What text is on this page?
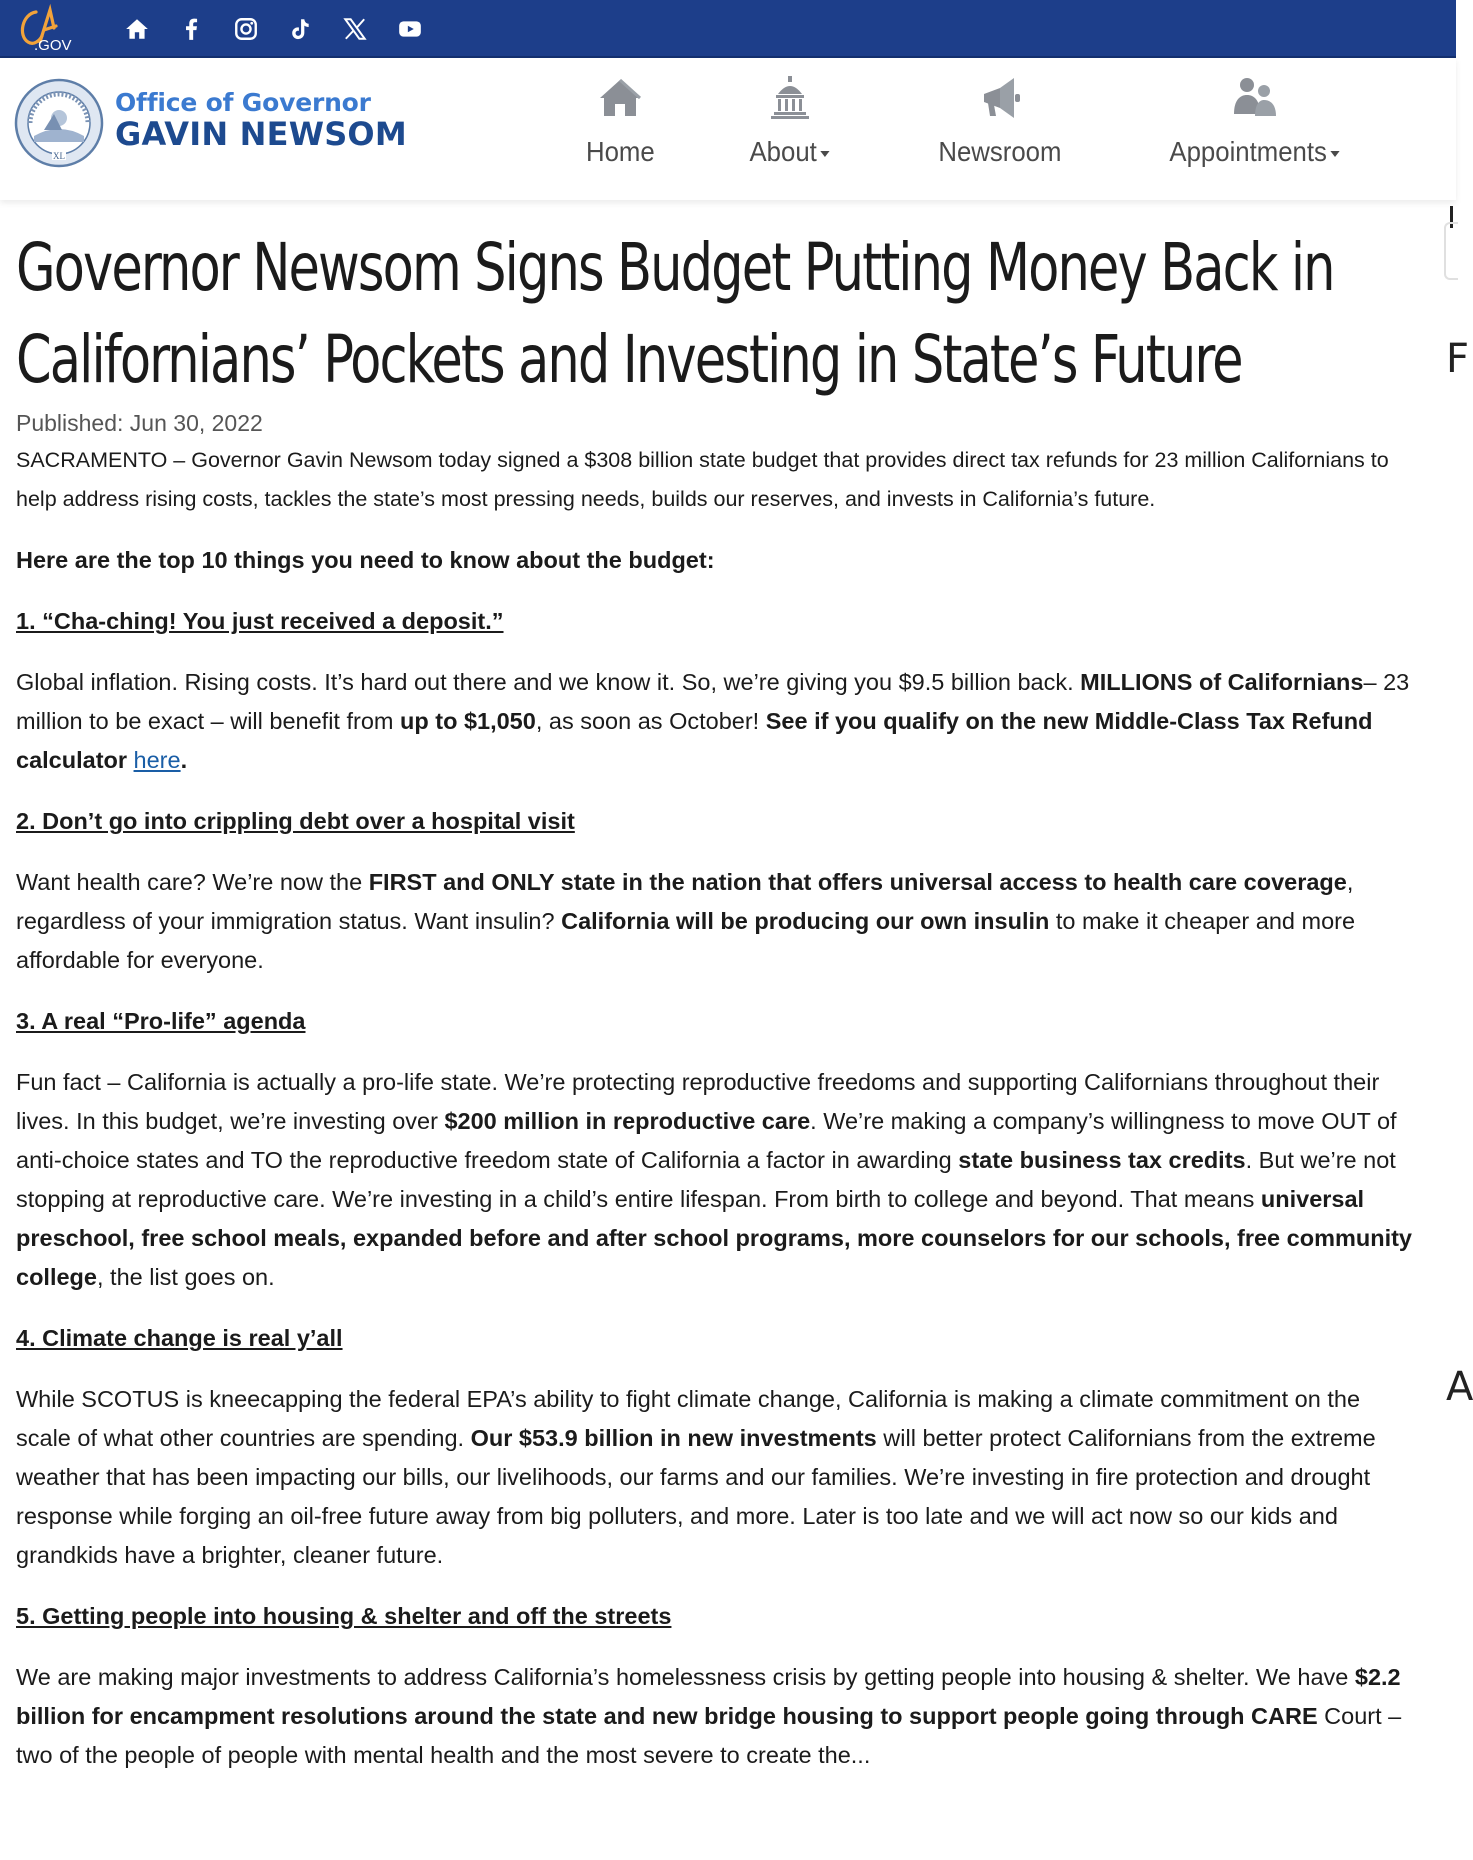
.GOV
XL
Office of Governor
GAVIN NEWSOM	Home	About	Newsroom	Appointments
F
A
Governor Newsom Signs Budget Putting Money Back in Californians’ Pockets and Investing in State’s Future
Published: Jun 30, 2022

SACRAMENTO – Governor Gavin Newsom today signed a $308 billion state budget that provides direct tax refunds for 23 million Californians to help address rising costs, tackles the state’s most pressing needs, builds our reserves, and invests in California’s future.

Here are the top 10 things you need to know about the budget:

1. “Cha-ching! You just received a deposit.”

Global inflation. Rising costs. It’s hard out there and we know it. So, we’re giving you $9.5 billion back. MILLIONS of Californians– 23 million to be exact – will benefit from up to $1,050, as soon as October! See if you qualify on the new Middle-Class Tax Refund calculator here.

2. Don’t go into crippling debt over a hospital visit

Want health care? We’re now the FIRST and ONLY state in the nation that offers universal access to health care coverage, regardless of your immigration status. Want insulin? California will be producing our own insulin to make it cheaper and more affordable for everyone.

3. A real “Pro-life” agenda

Fun fact – California is actually a pro-life state. We’re protecting reproductive freedoms and supporting Californians throughout their lives. In this budget, we’re investing over $200 million in reproductive care. We’re making a company’s willingness to move OUT of anti-choice states and TO the reproductive freedom state of California a factor in awarding state business tax credits. But we’re not stopping at reproductive care. We’re investing in a child’s entire lifespan. From birth to college and beyond. That means universal preschool, free school meals, expanded before and after school programs, more counselors for our schools, free community college, the list goes on.

4. Climate change is real y’all

While SCOTUS is kneecapping the federal EPA’s ability to fight climate change, California is making a climate commitment on the scale of what other countries are spending. Our $53.9 billion in new investments will better protect Californians from the extreme weather that has been impacting our bills, our livelihoods, our farms and our families. We’re investing in fire protection and drought response while forging an oil-free future away from big polluters, and more. Later is too late and we will act now so our kids and grandkids have a brighter, cleaner future.

5. Getting people into housing & shelter and off the streets

We are making major investments to address California’s homelessness crisis by getting people into housing & shelter. We have $2.2 billion for encampment resolutions around the state and new bridge housing to support people going through CARE Court – two of the people of people with mental health and the most severe to create the...
